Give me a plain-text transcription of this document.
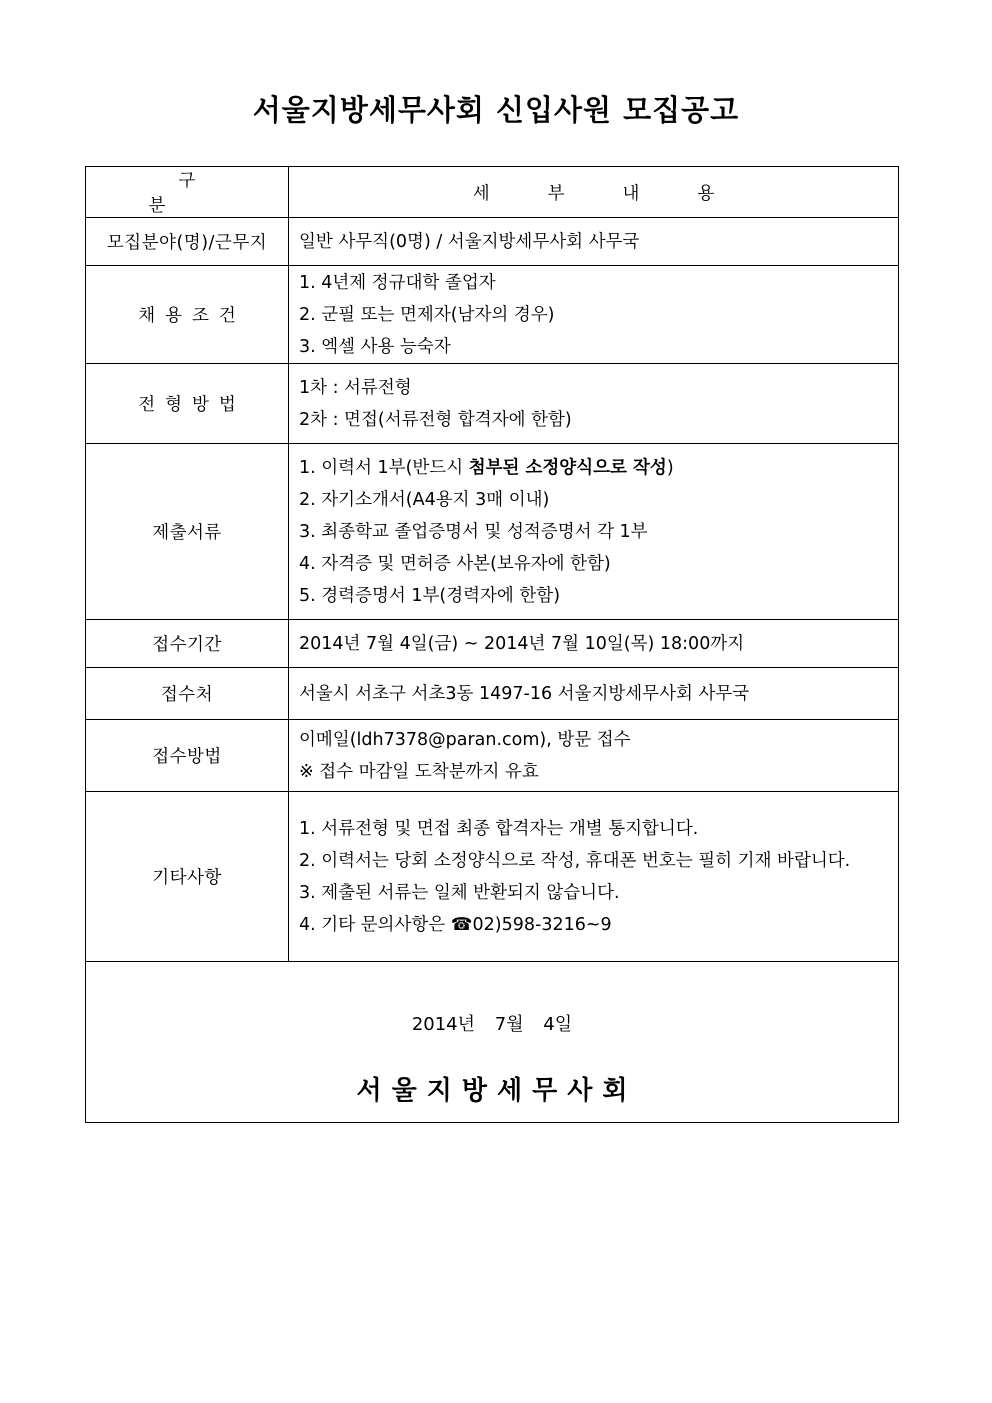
서울지방세무사회 신입사원 모집공고
구분	세부내용
모집분야(명)/근무지	일반 사무직(0명) / 서울지방세무사회 사무국

채용조건	1. 4년제 정규대학 졸업자
2. 군필 또는 면제자(남자의 경우)
3. 엑셀 사용 능숙자

전형방법	1차 : 서류전형
2차 : 면접(서류전형 합격자에 한함)

제출서류	1. 이력서 1부(반드시 첨부된 소정양식으로 작성)
2. 자기소개서(A4용지 3매 이내)
3. 최종학교 졸업증명서 및 성적증명서 각 1부
4. 자격증 및 면허증 사본(보유자에 한함)
5. 경력증명서 1부(경력자에 한함)

접수기간	2014년 7월 4일(금) ~ 2014년 7월 10일(목) 18:00까지

접수처	서울시 서초구 서초3동 1497-16 서울지방세무사회 사무국

접수방법	이메일(ldh7378@paran.com), 방문 접수
※ 접수 마감일 도착분까지 유효

기타사항	1. 서류전형 및 면접 최종 합격자는 개별 통지합니다.
2. 이력서는 당회 소정양식으로 작성, 휴대폰 번호는 필히 기재 바랍니다.
3. 제출된 서류는 일체 반환되지 않습니다.
4. 기타 문의사항은 ☎02)598-3216~9

2014년 7월 4일
서울지방세무사회	
